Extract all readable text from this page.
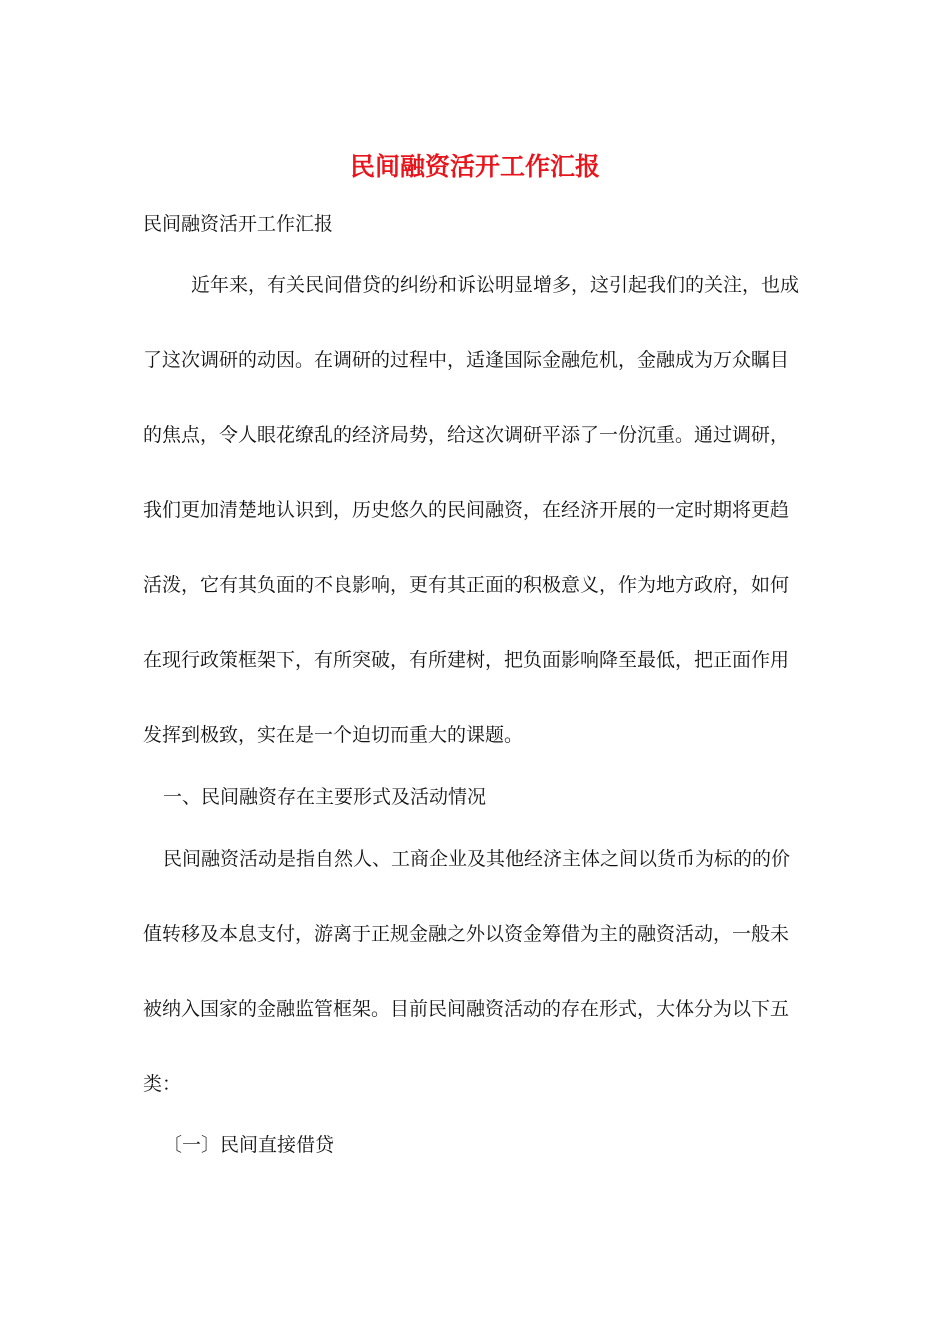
民间融资活开工作汇报
民间融资活开工作汇报
近年来，有关民间借贷的纠纷和诉讼明显增多，这引起我们的关注，也成
了这次调研的动因。在调研的过程中，适逢国际金融危机，金融成为万众瞩目
的焦点，令人眼花缭乱的经济局势，给这次调研平添了一份沉重。通过调研，
我们更加清楚地认识到，历史悠久的民间融资，在经济开展的一定时期将更趋
活泼，它有其负面的不良影响，更有其正面的积极意义，作为地方政府，如何
在现行政策框架下，有所突破，有所建树，把负面影响降至最低，把正面作用
发挥到极致，实在是一个迫切而重大的课题。
一、民间融资存在主要形式及活动情况
民间融资活动是指自然人、工商企业及其他经济主体之间以货币为标的的价
值转移及本息支付，游离于正规金融之外以资金筹借为主的融资活动，一般未
被纳入国家的金融监管框架。目前民间融资活动的存在形式，大体分为以下五
类：
〔一〕民间直接借贷
